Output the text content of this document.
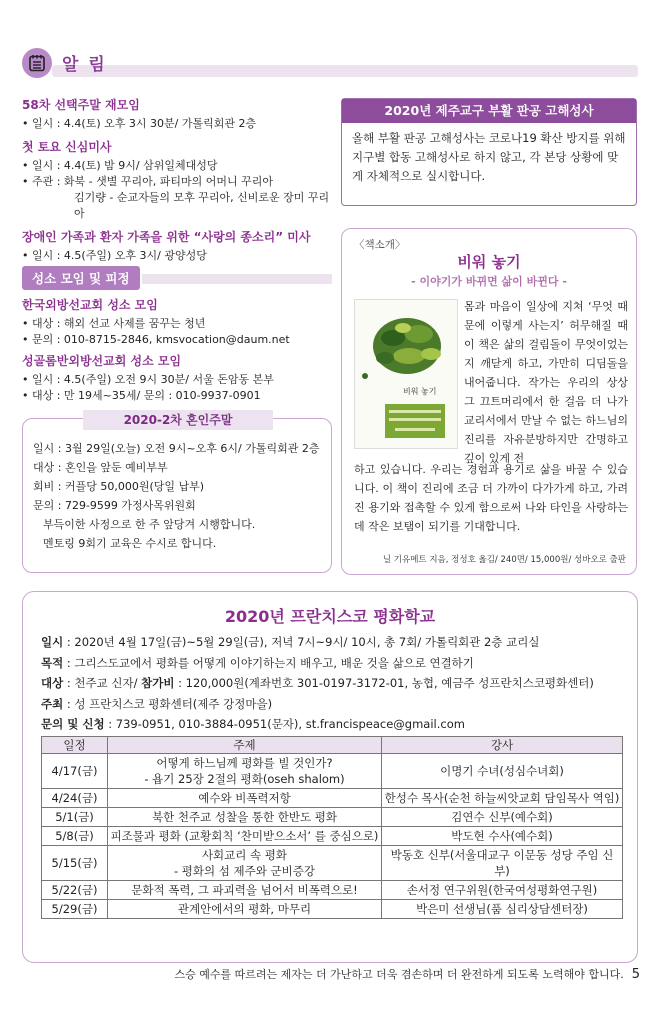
알 림
58차 선택주말 재모임
• 일시 : 4.4(토) 오후 3시 30분/ 가톨릭회관 2층
첫 토요 신심미사
• 일시 : 4.4(토) 밤 9시/ 삼위일체대성당
• 주관 : 화북 - 샛별 꾸리아, 파티마의 어머니 꾸리아
김기량 - 순교자들의 모후 꾸리아, 신비로운 장미 꾸리아
장애인 가족과 환자 가족을 위한 “사랑의 종소리” 미사
• 일시 : 4.5(주일) 오후 3시/ 광양성당
성소 모임 및 피정
한국외방선교회 성소 모임
• 대상 : 해외 선교 사제를 꿈꾸는 청년
• 문의 : 010-8715-2846, kmsvocation@daum.net
성골롬반외방선교회 성소 모임
• 일시 : 4.5(주일) 오전 9시 30분/ 서울 돈암동 본부
• 대상 : 만 19세~35세/ 문의 : 010-9937-0901
2020-2차 혼인주말
일시 : 3월 29일(오늘) 오전 9시~오후 6시/ 가톨릭회관 2층
대상 : 혼인을 앞둔 예비부부
회비 : 커플당 50,000원(당일 납부)
문의 : 729-9599 가정사목위원회
부득이한 사정으로 한 주 앞당겨 시행합니다.
멘토링 9회기 교육은 수시로 합니다.
2020년 제주교구 부활 판공 고해성사
올해 부활 판공 고해성사는 코로나19 확산 방지를 위해 지구별 합동 고해성사로 하지 않고, 각 본당 상황에 맞게 자체적으로 실시합니다.
〈책소개〉
비워 놓기
- 이야기가 바뀌면 삶이 바뀐다 -
비워 놓기
몸과 마음이 일상에 지쳐 ‘무엇 때문에 이렇게 사는지’ 허무해질 때 이 책은 삶의 걸림돌이 무엇이었는지 깨닫게 하고, 가만히 디딤돌을 내어줍니다. 작가는 우리의 상상 그 끄트머리에서 한 걸음 더 나가 교리서에서 만날 수 없는 하느님의 진리를 자유분방하지만 간명하고 깊이 있게 전
하고 있습니다. 우리는 경험과 용기로 삶을 바꿀 수 있습니다. 이 책이 진리에 조금 더 가까이 다가가게 하고, 가려진 용기와 접촉할 수 있게 함으로써 나와 타인을 사랑하는 데 작은 보탬이 되기를 기대합니다.
닐 기유메트 지음, 정성호 옮김/ 240면/ 15,000원/ 성바오로 출판
2020년 프란치스코 평화학교
일시 : 2020년 4월 17일(금)~5월 29일(금), 저녁 7시~9시/ 10시, 총 7회/ 가톨릭회관 2층 교리실
목적 : 그리스도교에서 평화를 어떻게 이야기하는지 배우고, 배운 것을 삶으로 연결하기
대상 : 천주교 신자/ 참가비 : 120,000원(계좌번호 301-0197-3172-01, 농협, 예금주 성프란치스코평화센터)
주최 : 성 프란치스코 평화센터(제주 강정마을)
문의 및 신청 : 739-0951, 010-3884-0951(문자), st.francispeace@gmail.com
일정	주제	강사
4/17(금)	어떻게 하느님께 평화를 빌 것인가?
- 욥기 25장 2절의 평화(oseh shalom)	이명기 수녀(성심수녀회)
4/24(금)	예수와 비폭력저항	한성수 목사(순천 하늘씨앗교회 담임목사 역임)
5/1(금)	북한 천주교 성찰을 통한 한반도 평화	김연수 신부(예수회)
5/8(금)	피조물과 평화 (교황회칙 ‘찬미받으소서’ 를 중심으로)	박도현 수사(예수회)
5/15(금)	사회교리 속 평화
- 평화의 섬 제주와 군비증강	박동호 신부(서울대교구 이문동 성당 주임 신부)
5/22(금)	문화적 폭력, 그 파괴력을 넘어서 비폭력으로!	손서정 연구위원(한국여성평화연구원)
5/29(금)	관계안에서의 평화, 마무리	박은미 선생님(품 심리상담센터장)
스승 예수를 따르려는 제자는 더 가난하고 더욱 겸손하며 더 완전하게 되도록 노력해야 합니다. 5
